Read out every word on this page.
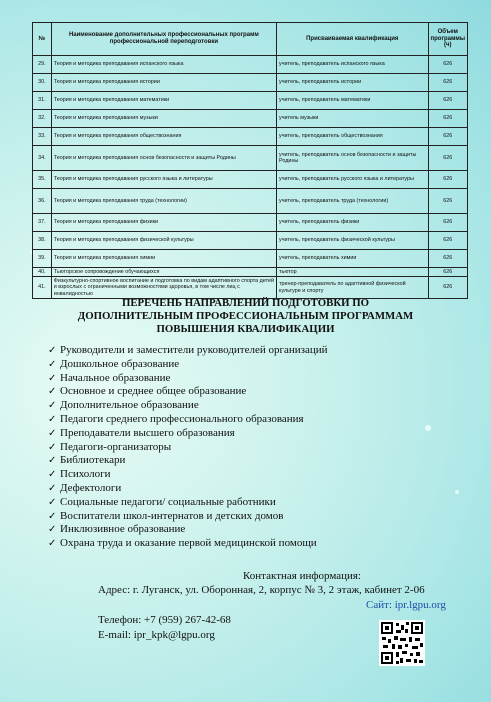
№	Наименование дополнительных профессиональных программ профессиональной переподготовки	Присваиваемая квалификация	Объем программы (ч)
29.	Теория и методика преподавания испанского языка	учитель, преподаватель испанского языка	626
30.	Теория и методика преподавания истории	учитель, преподаватель истории	626
31.	Теория и методика преподавания математики	учитель, преподаватель математики	626
32.	Теория и методика преподавания музыки	учитель музыки	626
33.	Теория и методика преподавания обществознания	учитель, преподаватель обществознания	626
34.	Теория и методика преподавания основ безопасности и защиты Родины	учитель, преподаватель основ безопасности и защиты Родины	626
35.	Теория и методика преподавания русского языка и литературы	учитель, преподаватель русского языка и литературы	626
36.	Теория и методика преподавания труда (технологии)	учитель, преподаватель труда (технологии)	626
37.	Теория и методика преподавания физики	учитель, преподаватель физики	626
38.	Теория и методика преподавания физической культуры	учитель, преподаватель физической культуры	626
39.	Теория и методика преподавания химии	учитель, преподаватель химии	626
40.	Тьюторское сопровождение обучающихся	тьютор	626
41.	Физкультурно-спортивное воспитание и подготовка по видам адаптивного спорта детей и взрослых с ограниченными возможностями здоровья, в том числе лиц с инвалидностью	тренер-преподаватель по адаптивной физической культуре и спорту	626
ПЕРЕЧЕНЬ НАПРАВЛЕНИЙ ПОДГОТОВКИ ПО
ДОПОЛНИТЕЛЬНЫМ ПРОФЕССИОНАЛЬНЫМ ПРОГРАММАМ
ПОВЫШЕНИЯ КВАЛИФИКАЦИИ
✓ Руководители и заместители руководителей организаций
✓ Дошкольное образование
✓ Начальное образование
✓ Основное и среднее общее образование
✓ Дополнительное образование
✓ Педагоги среднего профессионального образования
✓ Преподаватели высшего образования
✓ Педагоги-организаторы
✓ Библиотекари
✓ Психологи
✓ Дефектологи
✓ Социальные педагоги/ социальные работники
✓ Воспитатели школ-интернатов и детских домов
✓ Инклюзивное образование
✓ Охрана труда и оказание первой медицинской помощи
Контактная информация:
Адрес: г. Луганск, ул. Оборонная, 2, корпус № 3, 2 этаж, кабинет 2-06
Сайт: ipr.lgpu.org
Телефон: +7 (959) 267-42-68
E-mail: ipr_kpk@lgpu.org
